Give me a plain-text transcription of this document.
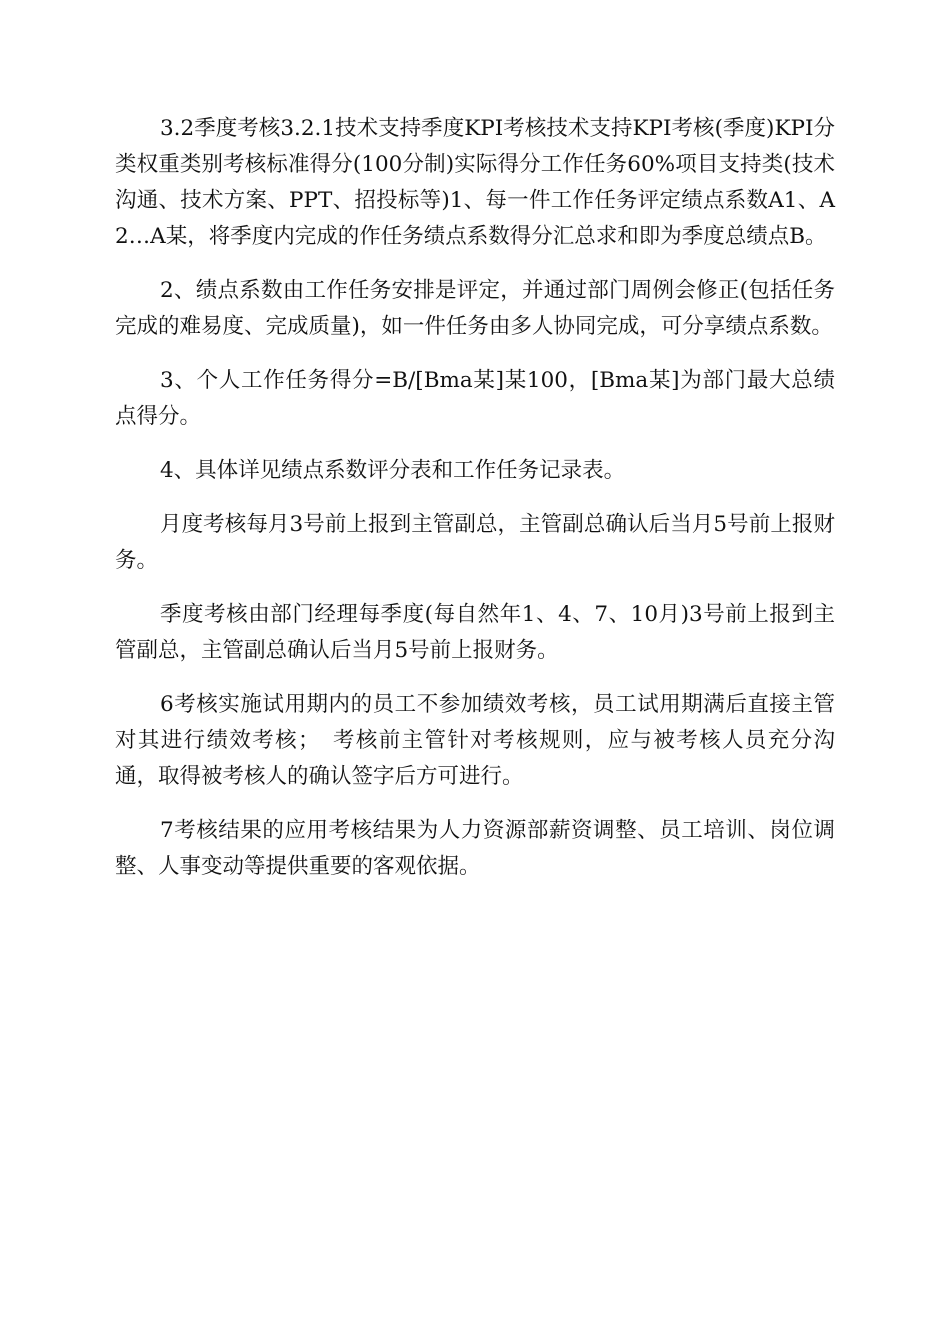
3.2季度考核3.2.1技术支持季度KPI考核技术支持KPI考核(季度)KPI分类权重类别考核标准得分(100分制)实际得分工作任务60%项目支持类(技术沟通、技术方案、PPT、招投标等)1、每一件工作任务评定绩点系数A1、A2…A某，将季度内完成的作任务绩点系数得分汇总求和即为季度总绩点B。

2、绩点系数由工作任务安排是评定，并通过部门周例会修正(包括任务完成的难易度、完成质量)，如一件任务由多人协同完成，可分享绩点系数。

3、个人工作任务得分=B/[Bma某]某100，[Bma某]为部门最大总绩点得分。

4、具体详见绩点系数评分表和工作任务记录表。

月度考核每月3号前上报到主管副总，主管副总确认后当月5号前上报财务。

季度考核由部门经理每季度(每自然年1、4、7、10月)3号前上报到主管副总，主管副总确认后当月5号前上报财务。

6考核实施试用期内的员工不参加绩效考核，员工试用期满后直接主管对其进行绩效考核；　考核前主管针对考核规则，应与被考核人员充分沟通，取得被考核人的确认签字后方可进行。

7考核结果的应用考核结果为人力资源部薪资调整、员工培训、岗位调整、人事变动等提供重要的客观依据。
